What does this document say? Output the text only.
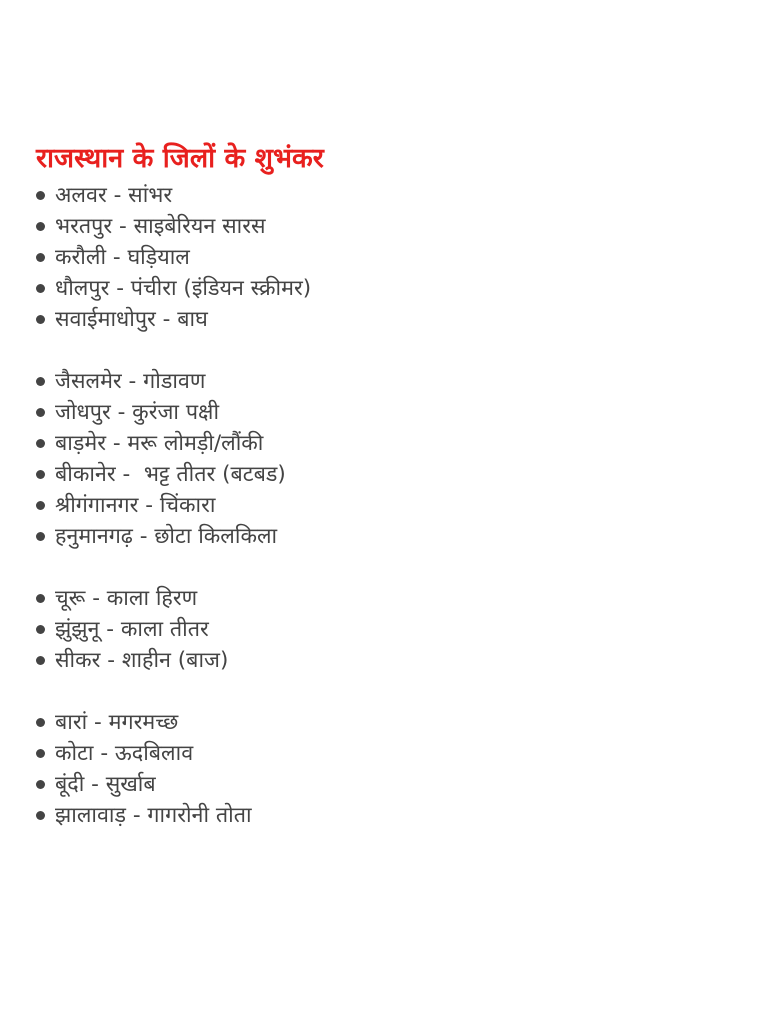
राजस्थान के जिलों के शुभंकर
अलवर - सांभर
भरतपुर - साइबेरियन सारस
करौली - घड़ियाल
धौलपुर - पंचीरा (इंडियन स्क्रीमर)
सवाईमाधोपुर - बाघ
जैसलमेर - गोडावण
जोधपुर - कुरंजा पक्षी
बाड़मेर - मरू लोमड़ी/लौंकी
बीकानेर -  भट्ट तीतर (बटबड)
श्रीगंगानगर - चिंकारा
हनुमानगढ़ - छोटा किलकिला
चूरू - काला हिरण
झुंझुनू - काला तीतर
सीकर - शाहीन (बाज)
बारां - मगरमच्छ
कोटा - ऊदबिलाव
बूंदी - सुर्खाब
झालावाड़ - गागरोनी तोता
